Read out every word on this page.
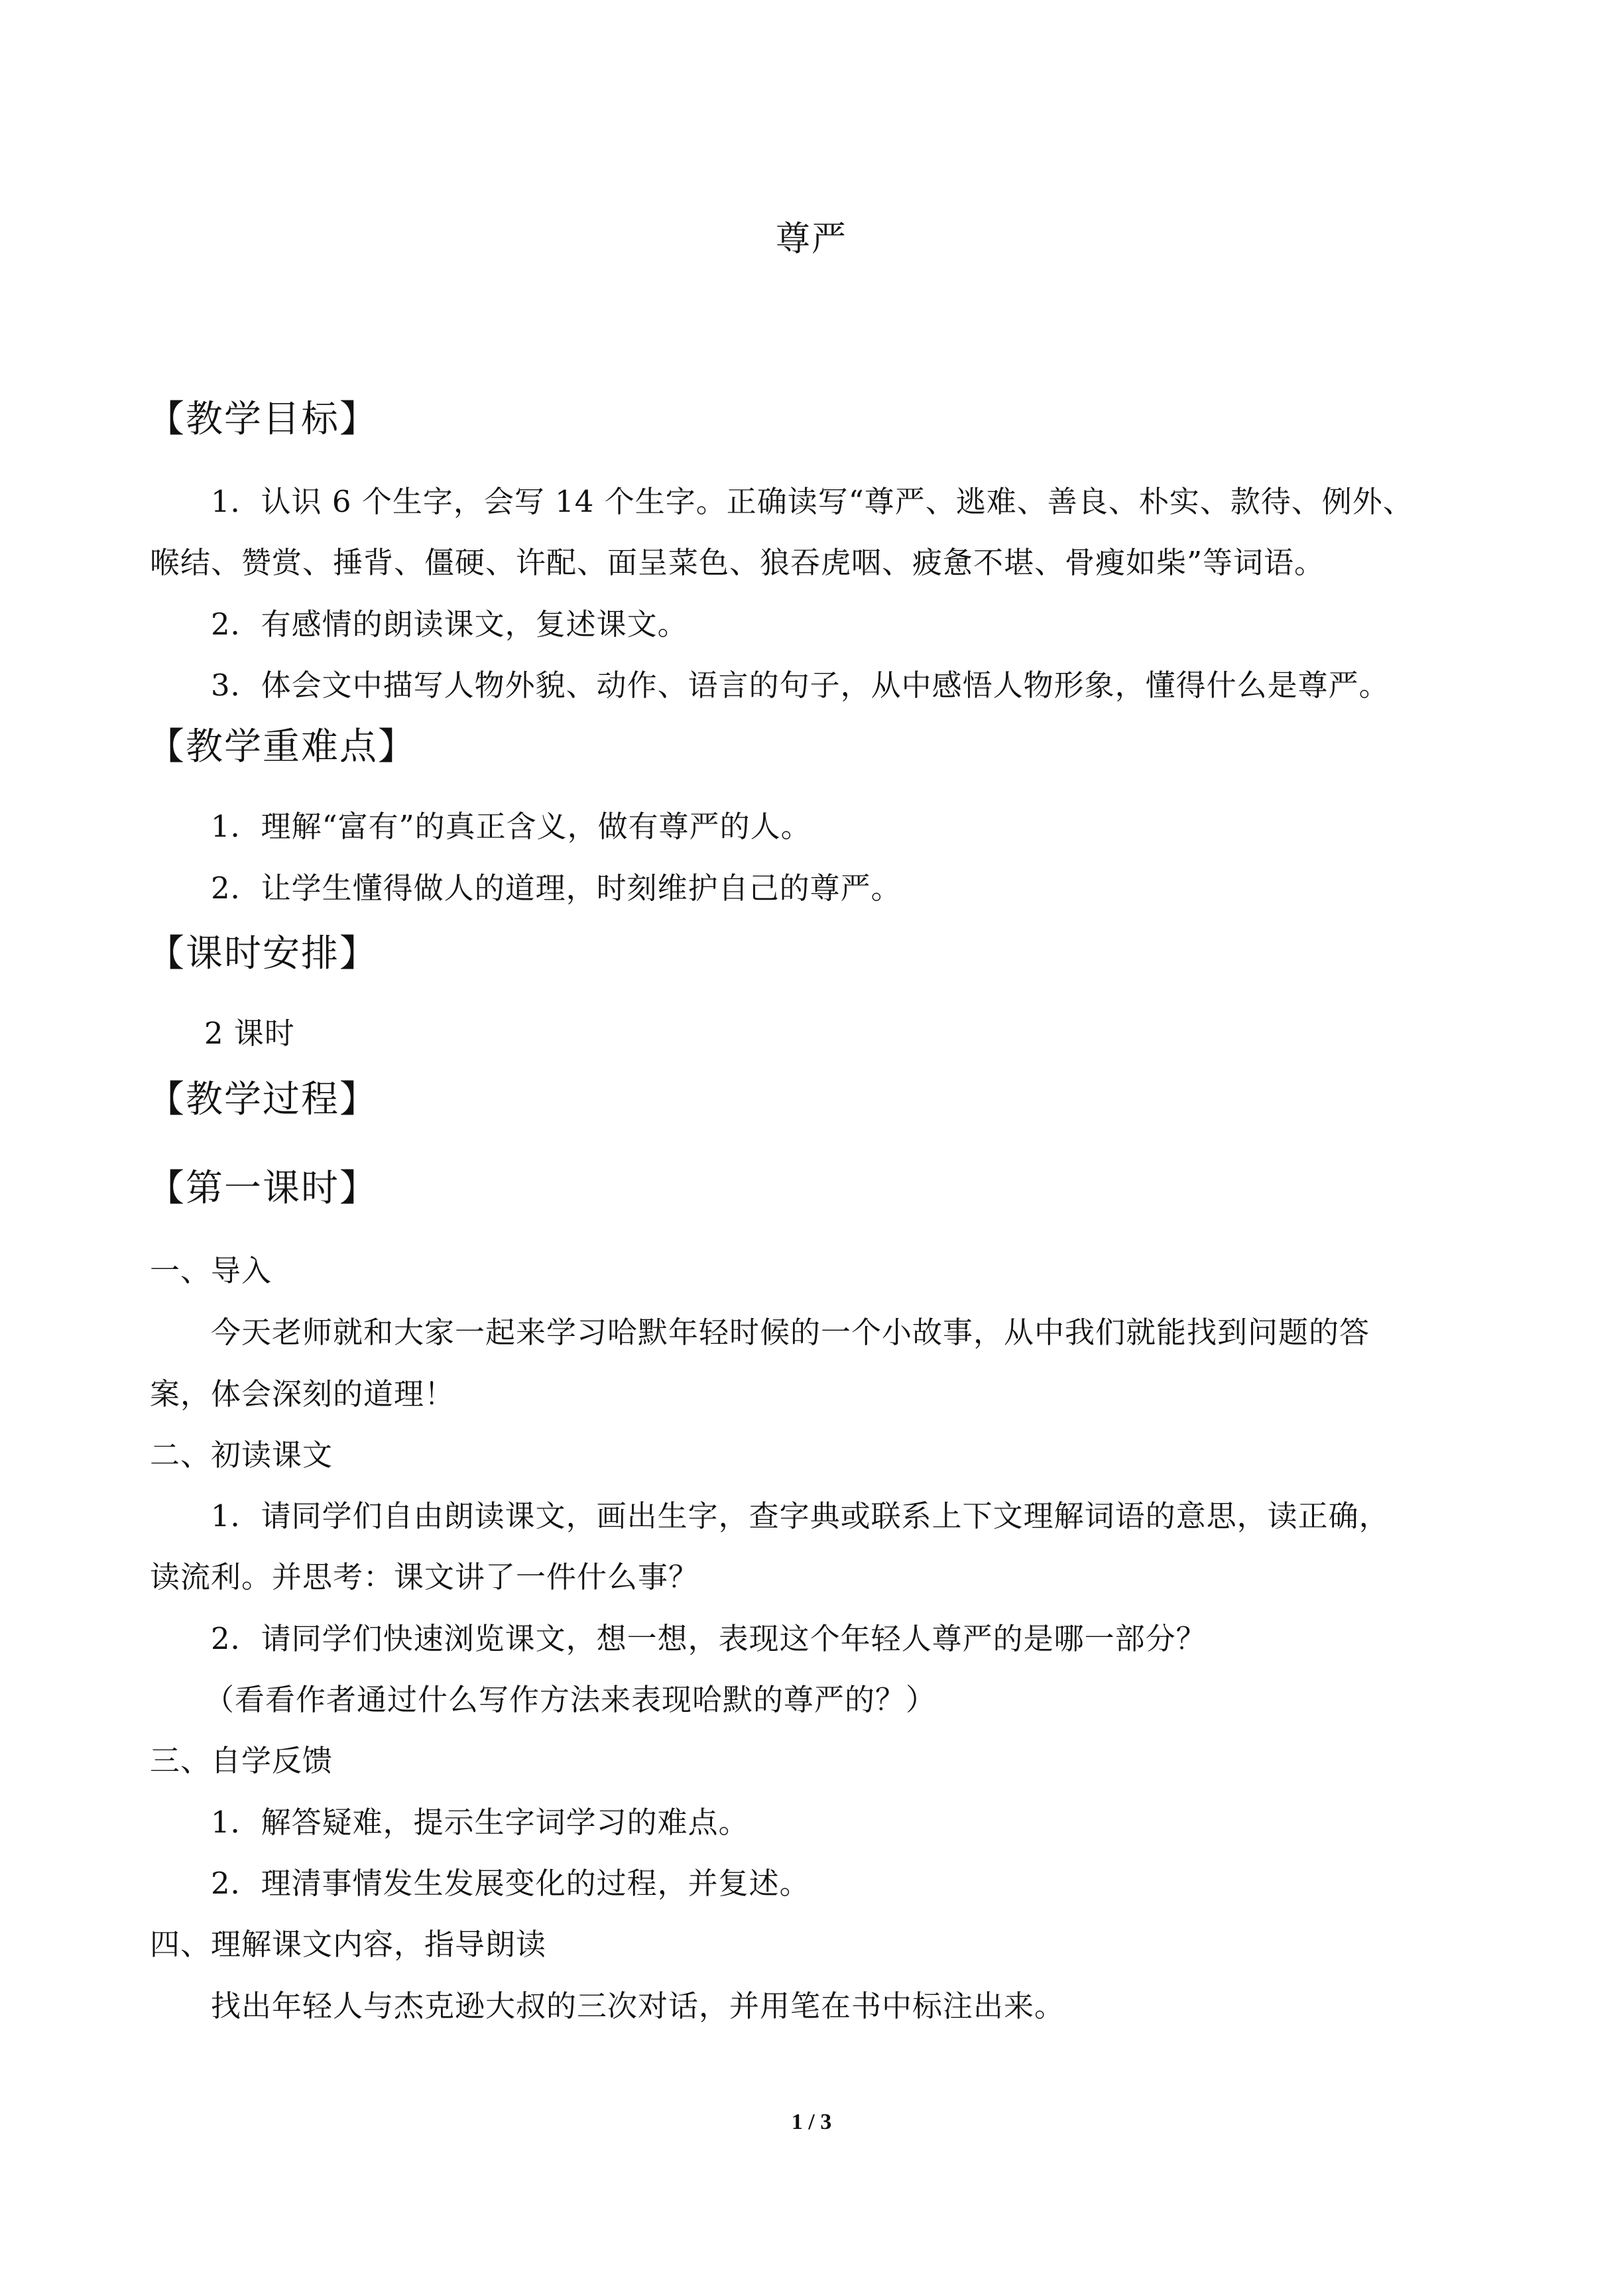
尊严
【教学目标】
1．认识 6 个生字，会写 14 个生字。正确读写“尊严、逃难、善良、朴实、款待、例外、
喉结、赞赏、捶背、僵硬、许配、面呈菜色、狼吞虎咽、疲惫不堪、骨瘦如柴”等词语。
2．有感情的朗读课文，复述课文。
3．体会文中描写人物外貌、动作、语言的句子，从中感悟人物形象，懂得什么是尊严。
【教学重难点】
1．理解“富有”的真正含义，做有尊严的人。
2．让学生懂得做人的道理，时刻维护自己的尊严。
【课时安排】
2 课时
【教学过程】
【第一课时】
一、导入
今天老师就和大家一起来学习哈默年轻时候的一个小故事，从中我们就能找到问题的答
案，体会深刻的道理！
二、初读课文
1．请同学们自由朗读课文，画出生字，查字典或联系上下文理解词语的意思，读正确，
读流利。并思考：课文讲了一件什么事？
2．请同学们快速浏览课文，想一想，表现这个年轻人尊严的是哪一部分？
（看看作者通过什么写作方法来表现哈默的尊严的？）
三、自学反馈
1．解答疑难，提示生字词学习的难点。
2．理清事情发生发展变化的过程，并复述。
四、理解课文内容，指导朗读
找出年轻人与杰克逊大叔的三次对话，并用笔在书中标注出来。
1 / 3
